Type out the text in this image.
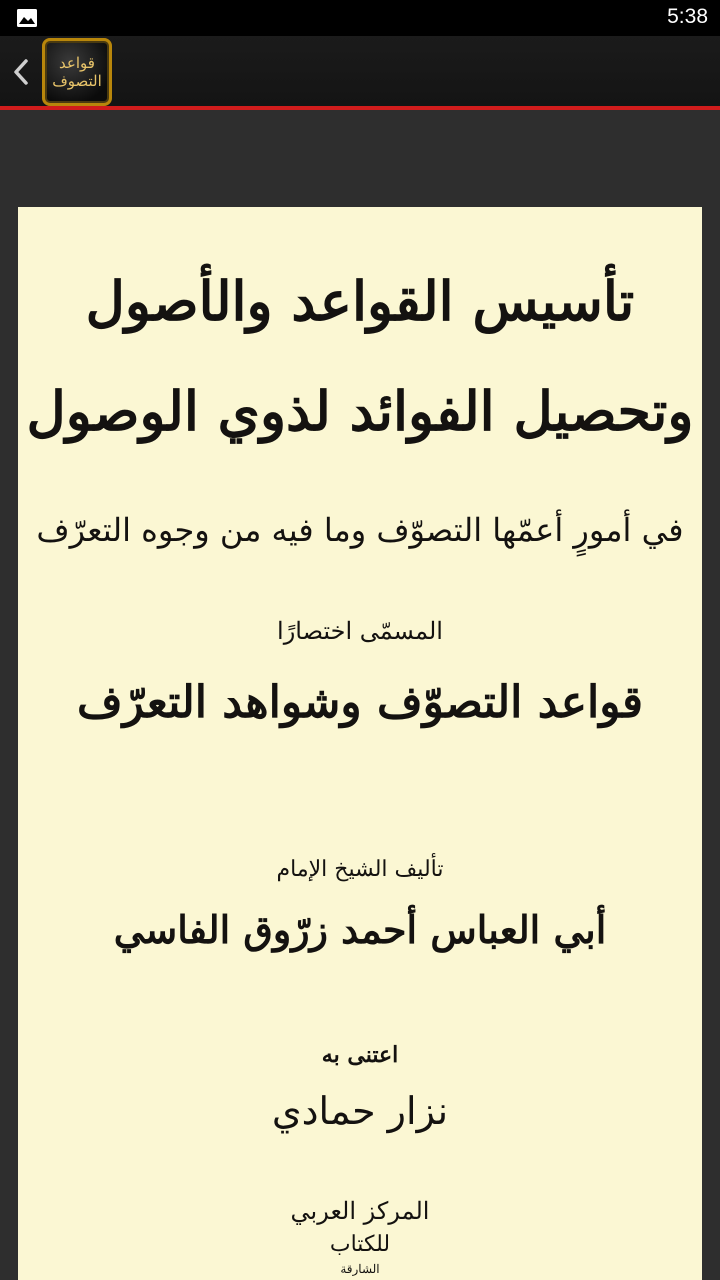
5:38
قواعد
التصوف
تأسيس القواعد والأصول
وتحصيل الفوائد لذوي الوصول
في أمورٍ أعمّها التصوّف وما فيه من وجوه التعرّف
المسمّى اختصارًا
قواعد التصوّف وشواهد التعرّف
تأليف الشيخ الإمام
أبي العباس أحمد زرّوق الفاسي
اعتنى به
نزار حمادي
المركز العربي
للكتاب
الشارقة
